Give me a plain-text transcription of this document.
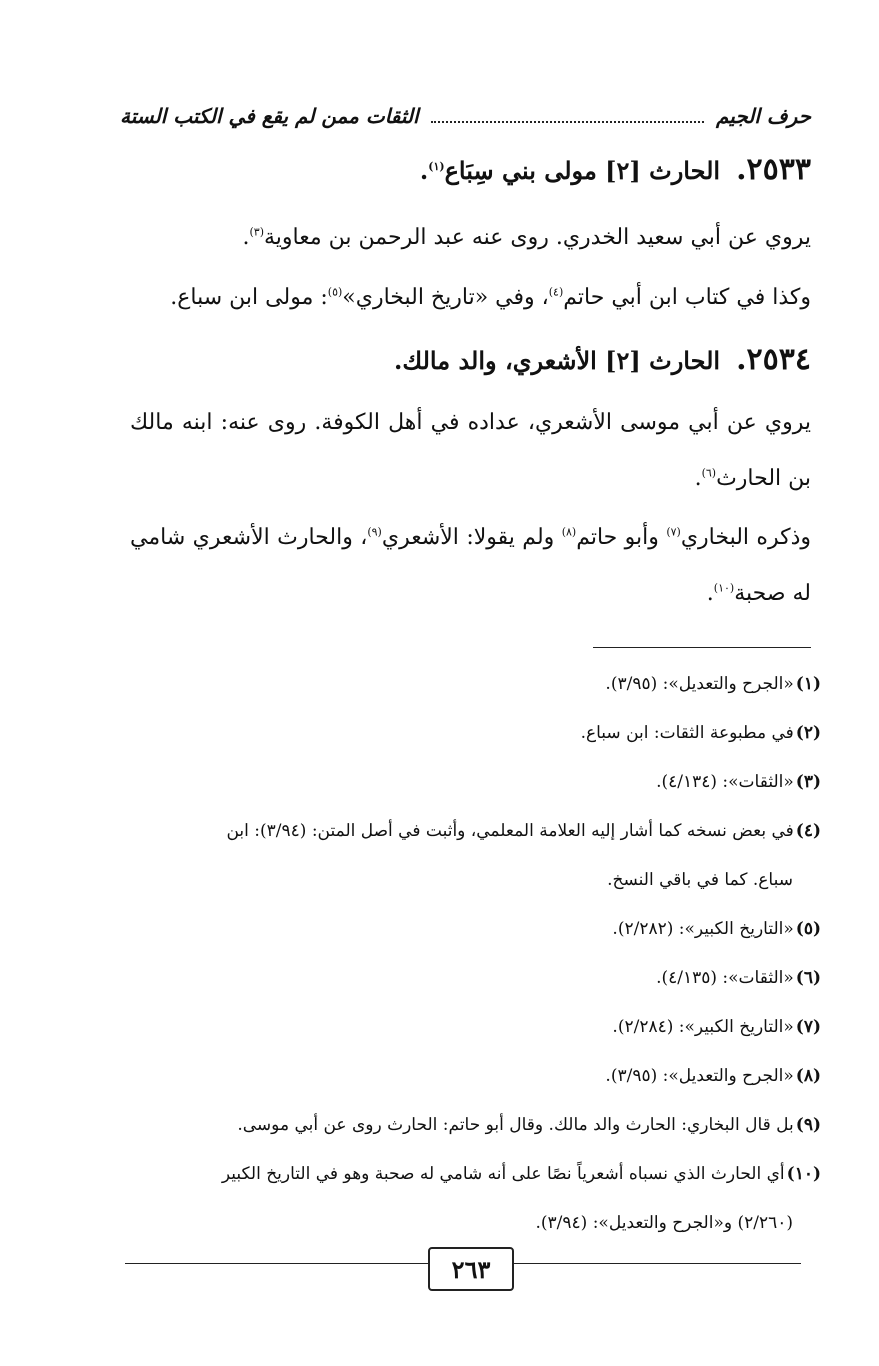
حرف الجيم
الثقات ممن لم يقع في الكتب الستة
٢٥٣٣.الحارث [٢] مولى بني سِبَاع$^{(١)}$.
يروي عن أبي سعيد الخدري. روى عنه عبد الرحمن بن معاوية$^{(٣)}$.
وكذا في كتاب ابن أبي حاتم$^{(٤)}$، وفي «تاريخ البخاري»$^{(٥)}$: مولى ابن سباع.
٢٥٣٤.الحارث [٢] الأشعري، والد مالك.
يروي عن أبي موسى الأشعري، عداده في أهل الكوفة. روى عنه: ابنه مالك بن الحارث$^{(٦)}$.
وذكره البخاري$^{(٧)}$ وأبو حاتم$^{(٨)}$ ولم يقولا: الأشعري$^{(٩)}$، والحارث الأشعري شامي له صحبة$^{(١٠)}$.
(١)«الجرح والتعديل»: (٣/٩٥).
(٢)في مطبوعة الثقات: ابن سباع.
(٣)«الثقات»: (٤/١٣٤).
(٤)في بعض نسخه كما أشار إليه العلامة المعلمي، وأثبت في أصل المتن: (٣/٩٤): ابن
سباع. كما في باقي النسخ.
(٥)«التاريخ الكبير»: (٢/٢٨٢).
(٦)«الثقات»: (٤/١٣٥).
(٧)«التاريخ الكبير»: (٢/٢٨٤).
(٨)«الجرح والتعديل»: (٣/٩٥).
(٩)بل قال البخاري: الحارث والد مالك. وقال أبو حاتم: الحارث روى عن أبي موسى.
(١٠)أي الحارث الذي نسباه أشعرياً نصًا على أنه شامي له صحبة وهو في التاريخ الكبير
(٢/٢٦٠) و«الجرح والتعديل»: (٣/٩٤).
٢٦٣
